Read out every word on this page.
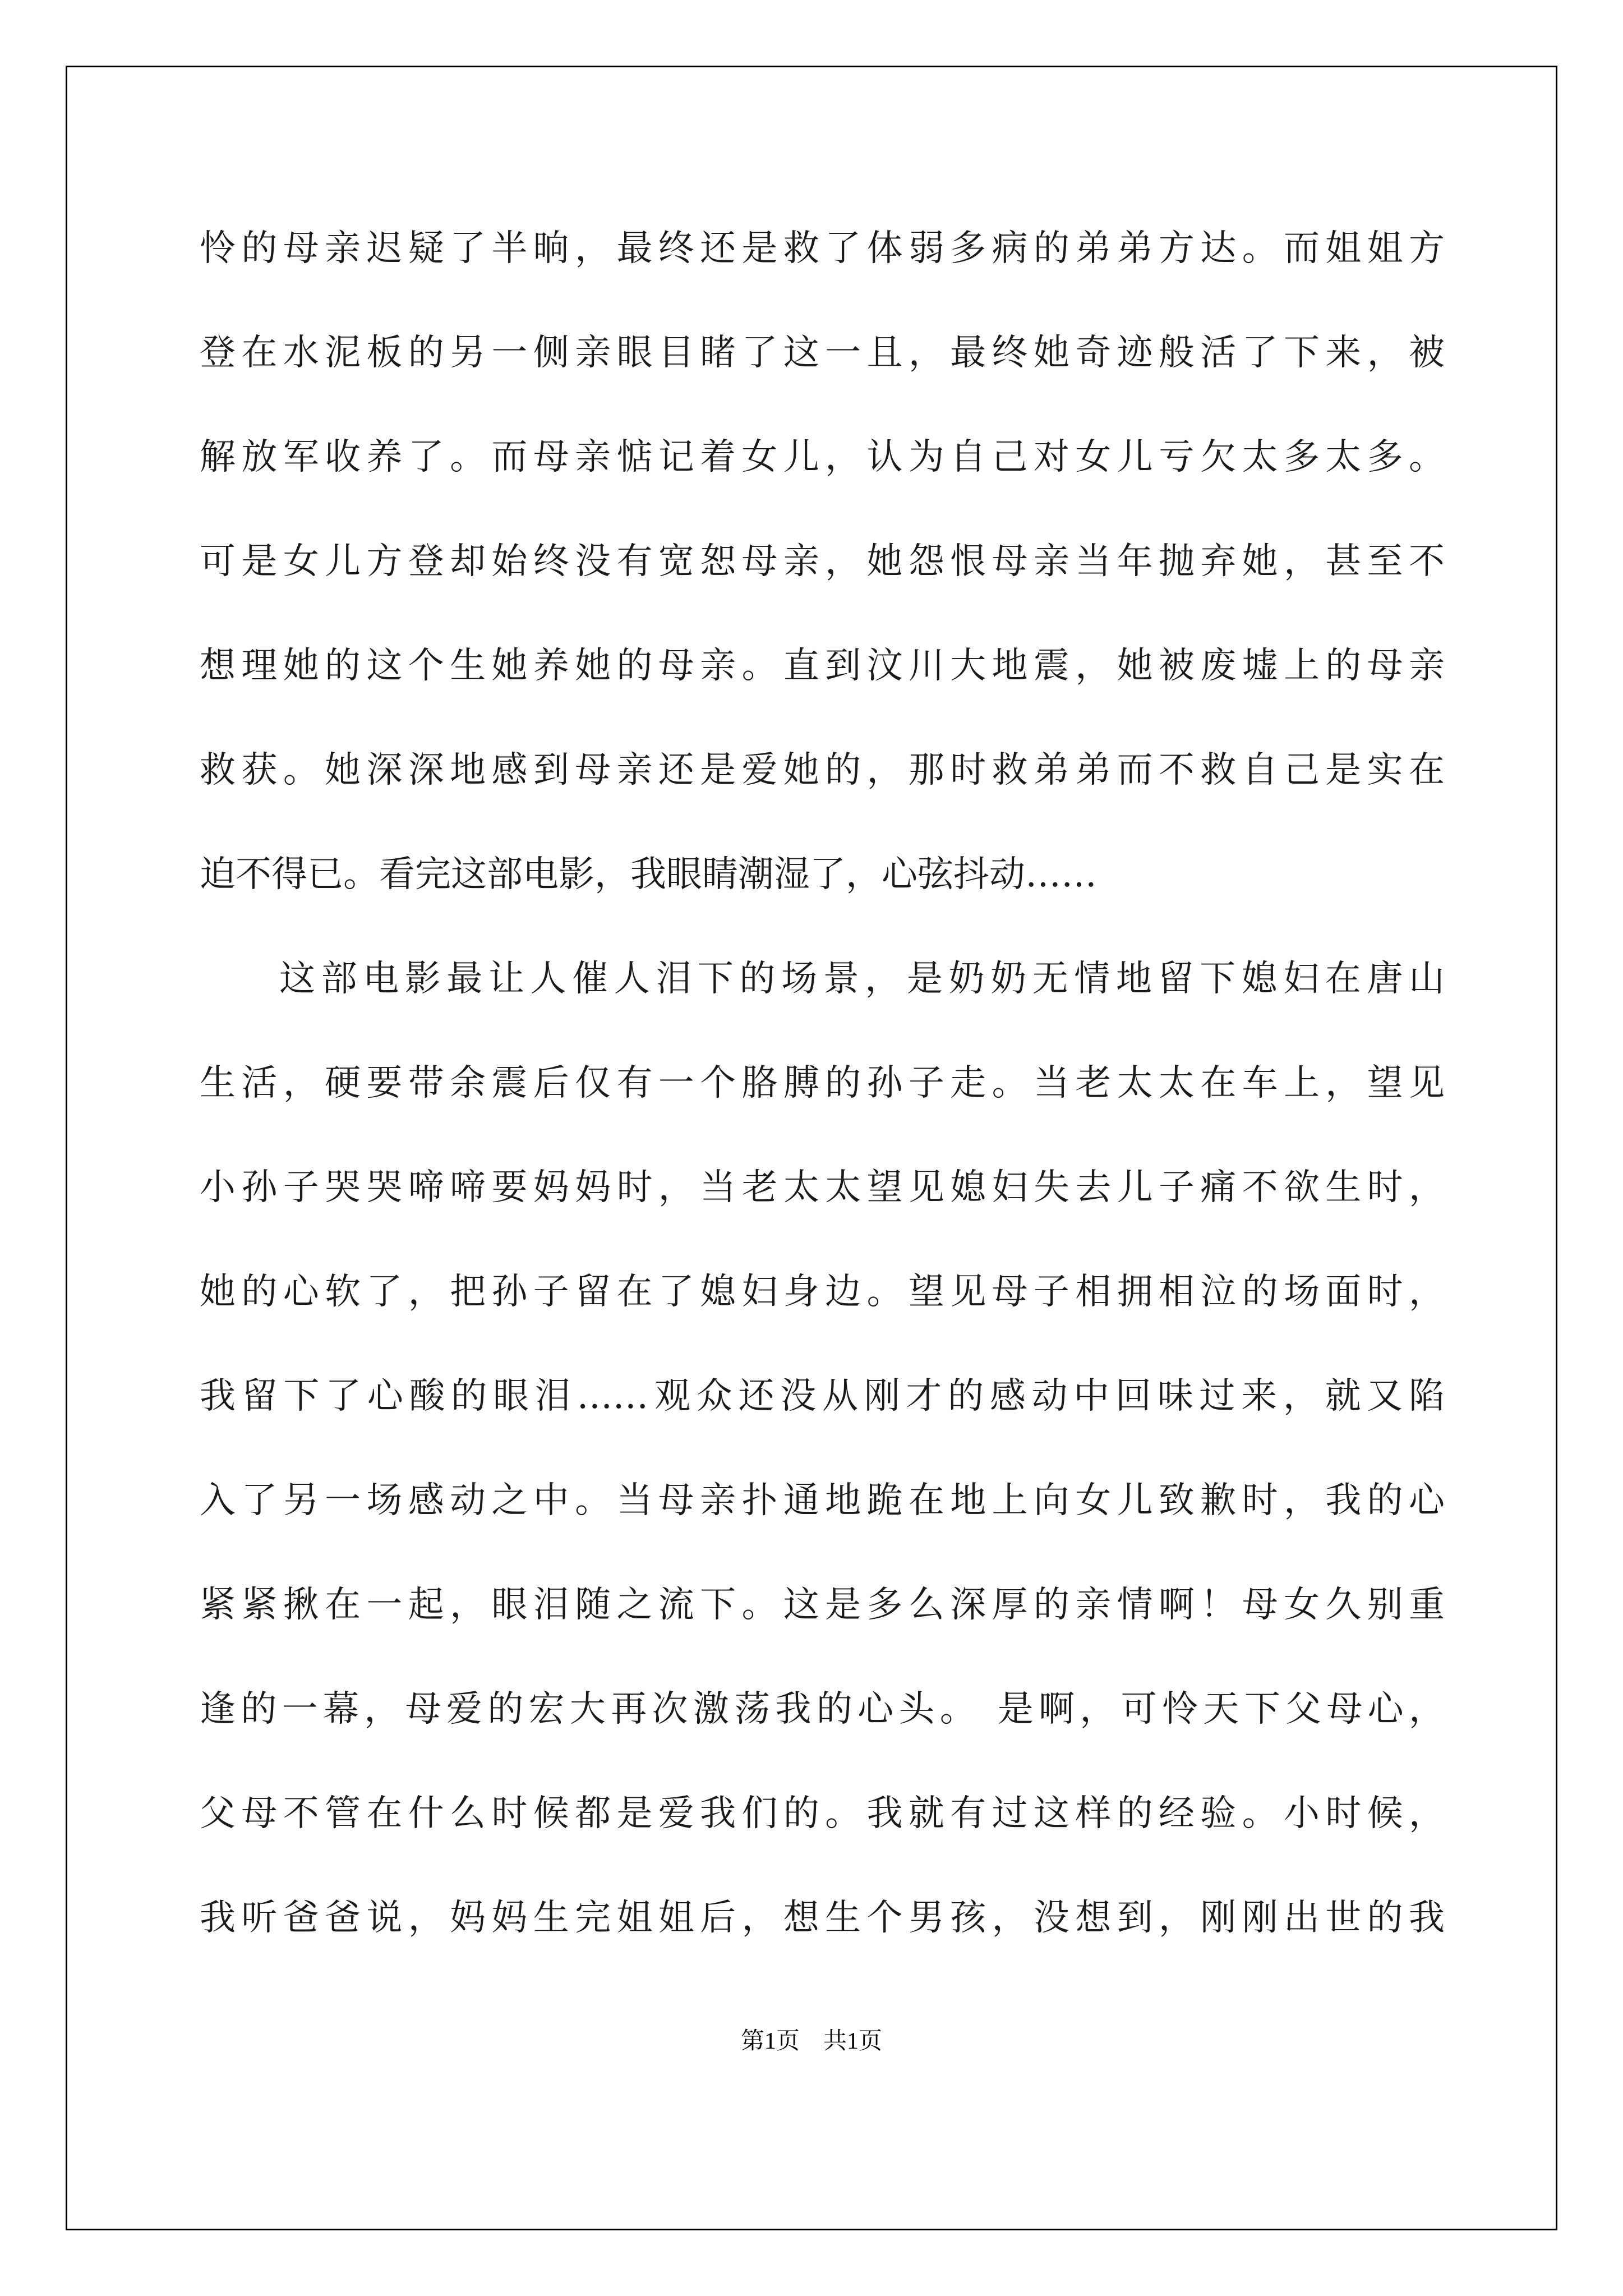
怜的母亲迟疑了半晌，最终还是救了体弱多病的弟弟方达。而姐姐方
登在水泥板的另一侧亲眼目睹了这一且，最终她奇迹般活了下来，被
解放军收养了。而母亲惦记着女儿，认为自己对女儿亏欠太多太多。
可是女儿方登却始终没有宽恕母亲，她怨恨母亲当年抛弃她，甚至不
想理她的这个生她养她的母亲。直到汶川大地震，她被废墟上的母亲
救获。她深深地感到母亲还是爱她的，那时救弟弟而不救自己是实在
迫不得已。看完这部电影，我眼睛潮湿了，心弦抖动……
这部电影最让人催人泪下的场景，是奶奶无情地留下媳妇在唐山
生活，硬要带余震后仅有一个胳膊的孙子走。当老太太在车上，望见
小孙子哭哭啼啼要妈妈时，当老太太望见媳妇失去儿子痛不欲生时，
她的心软了，把孙子留在了媳妇身边。望见母子相拥相泣的场面时，
我留下了心酸的眼泪……观众还没从刚才的感动中回味过来，就又陷
入了另一场感动之中。当母亲扑通地跪在地上向女儿致歉时，我的心
紧紧揪在一起，眼泪随之流下。这是多么深厚的亲情啊！母女久别重
逢的一幕，母爱的宏大再次激荡我的心头。 是啊，可怜天下父母心，
父母不管在什么时候都是爱我们的。我就有过这样的经验。小时候，
我听爸爸说，妈妈生完姐姐后，想生个男孩，没想到，刚刚出世的我
第1页　共1页
